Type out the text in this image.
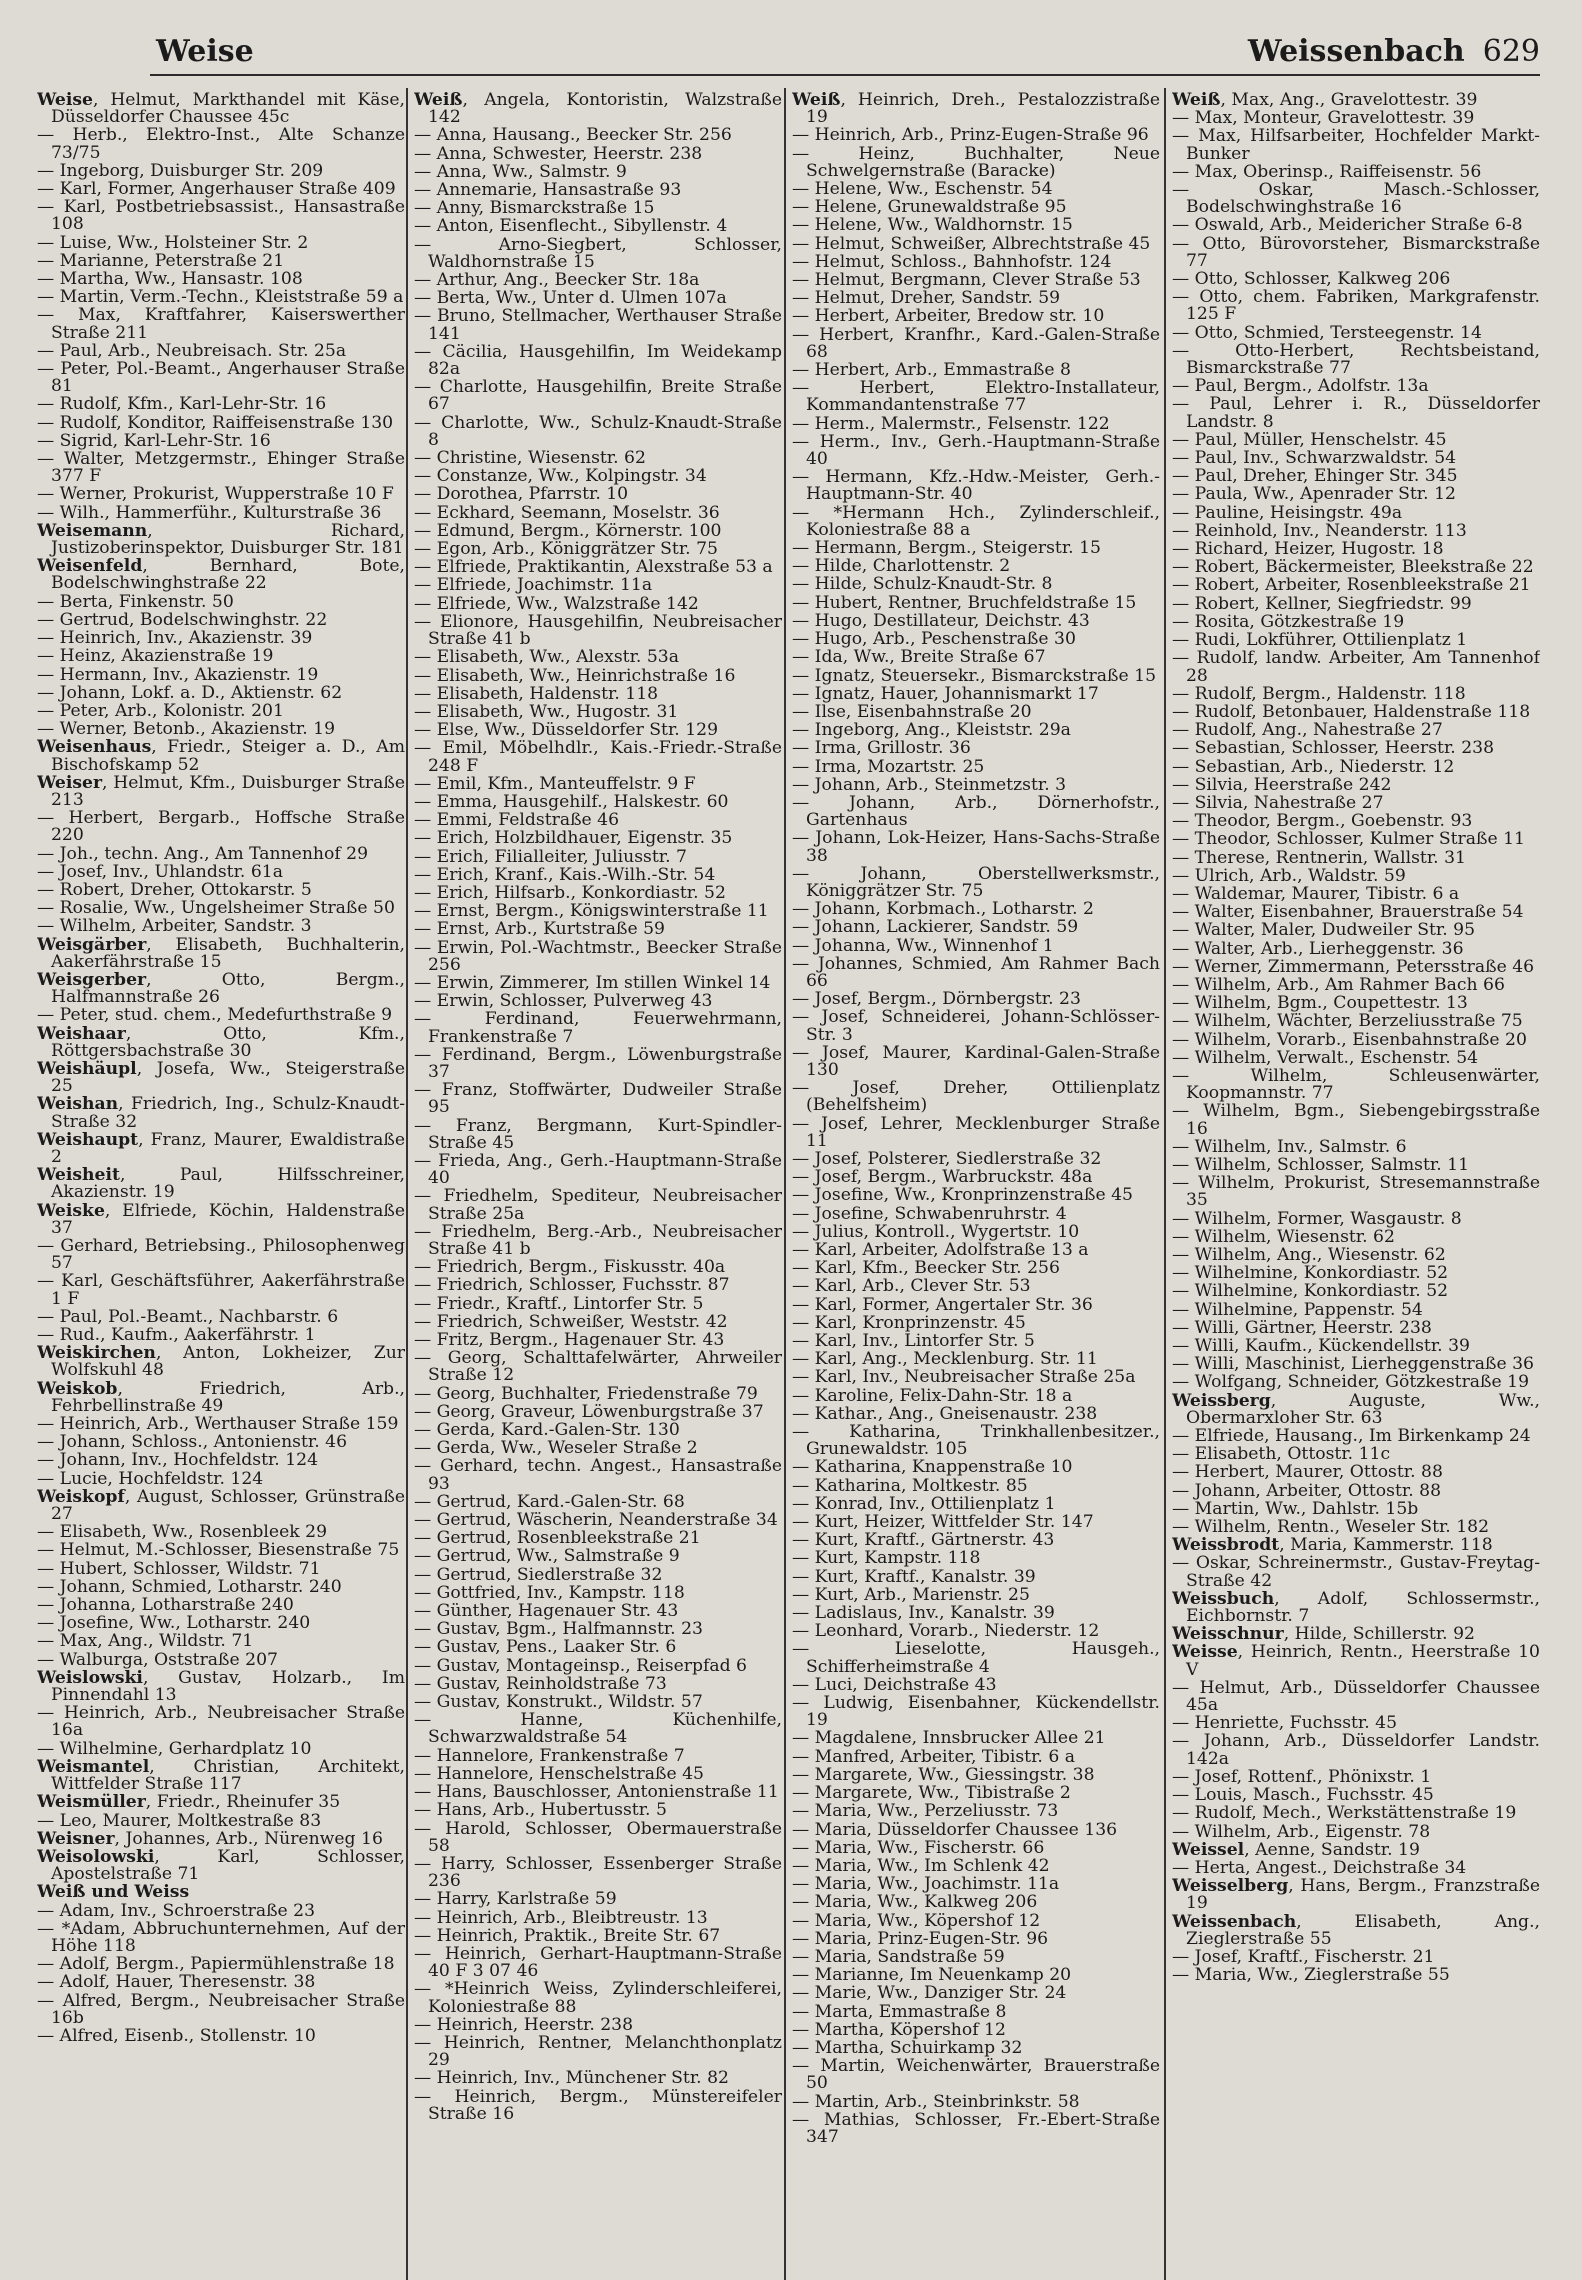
Weise	Weissenbach 629
Weise, Helmut, Markthandel mit Käse, Düsseldorfer Chaussee 45c
— Herb., Elektro-Inst., Alte Schanze 73/75
— Ingeborg, Duisburger Str. 209
— Karl, Former, Angerhauser Straße 409
— Karl, Postbetriebsassist., Hansastraße 108
— Luise, Ww., Holsteiner Str. 2
— Marianne, Peterstraße 21
— Martha, Ww., Hansastr. 108
— Martin, Verm.-Techn., Kleiststraße 59 a
— Max, Kraftfahrer, Kaiserswerther Straße 211
— Paul, Arb., Neubreisach. Str. 25a
— Peter, Pol.-Beamt., Angerhauser Straße 81
— Rudolf, Kfm., Karl-Lehr-Str. 16
— Rudolf, Konditor, Raiffeisenstraße 130
— Sigrid, Karl-Lehr-Str. 16
— Walter, Metzgermstr., Ehinger Straße 377 F
— Werner, Prokurist, Wupperstraße 10 F
— Wilh., Hammerführ., Kulturstraße 36
Weisemann, Richard, Justizoberinspektor, Duisburger Str. 181
Weisenfeld, Bernhard, Bote, Bodelschwinghstraße 22
— Berta, Finkenstr. 50
— Gertrud, Bodelschwinghstr. 22
— Heinrich, Inv., Akazienstr. 39
— Heinz, Akazienstraße 19
— Hermann, Inv., Akazienstr. 19
— Johann, Lokf. a. D., Aktienstr. 62
— Peter, Arb., Kolonistr. 201
— Werner, Betonb., Akazienstr. 19
Weisenhaus, Friedr., Steiger a. D., Am Bischofskamp 52
Weiser, Helmut, Kfm., Duisburger Straße 213
— Herbert, Bergarb., Hoffsche Straße 220
— Joh., techn. Ang., Am Tannenhof 29
— Josef, Inv., Uhlandstr. 61a
— Robert, Dreher, Ottokarstr. 5
— Rosalie, Ww., Ungelsheimer Straße 50
— Wilhelm, Arbeiter, Sandstr. 3
Weisgärber, Elisabeth, Buchhalterin, Aakerfährstraße 15
Weisgerber, Otto, Bergm., Halfmannstraße 26
— Peter, stud. chem., Medefurthstraße 9
Weishaar, Otto, Kfm., Röttgersbachstraße 30
Weishäupl, Josefa, Ww., Steigerstraße 25
Weishan, Friedrich, Ing., Schulz-Knaudt-Straße 32
Weishaupt, Franz, Maurer, Ewaldistraße 2
Weisheit, Paul, Hilfsschreiner, Akazienstr. 19
Weiske, Elfriede, Köchin, Haldenstraße 37
— Gerhard, Betriebsing., Philosophenweg 57
— Karl, Geschäftsführer, Aakerfährstraße 1 F
— Paul, Pol.-Beamt., Nachbarstr. 6
— Rud., Kaufm., Aakerfährstr. 1
Weiskirchen, Anton, Lokheizer, Zur Wolfskuhl 48
Weiskob, Friedrich, Arb., Fehrbellinstraße 49
— Heinrich, Arb., Werthauser Straße 159
— Johann, Schloss., Antonienstr. 46
— Johann, Inv., Hochfeldstr. 124
— Lucie, Hochfeldstr. 124
Weiskopf, August, Schlosser, Grünstraße 27
— Elisabeth, Ww., Rosenbleek 29
— Helmut, M.-Schlosser, Biesenstraße 75
— Hubert, Schlosser, Wildstr. 71
— Johann, Schmied, Lotharstr. 240
— Johanna, Lotharstraße 240
— Josefine, Ww., Lotharstr. 240
— Max, Ang., Wildstr. 71
— Walburga, Oststraße 207
Weislowski, Gustav, Holzarb., Im Pinnendahl 13
— Heinrich, Arb., Neubreisacher Straße 16a
— Wilhelmine, Gerhardplatz 10
Weismantel, Christian, Architekt, Wittfelder Straße 117
Weismüller, Friedr., Rheinufer 35
— Leo, Maurer, Moltkestraße 83
Weisner, Johannes, Arb., Nürenweg 16
Weisolowski, Karl, Schlosser, Apostelstraße 71
Weiß und Weiss
— Adam, Inv., Schroerstraße 23
— *Adam, Abbruchunternehmen, Auf der Höhe 118
— Adolf, Bergm., Papiermühlenstraße 18
— Adolf, Hauer, Theresenstr. 38
— Alfred, Bergm., Neubreisacher Straße 16b
— Alfred, Eisenb., Stollenstr. 10
Weiß, Angela, Kontoristin, Walzstraße 142
— Anna, Hausang., Beecker Str. 256
— Anna, Schwester, Heerstr. 238
— Anna, Ww., Salmstr. 9
— Annemarie, Hansastraße 93
— Anny, Bismarckstraße 15
— Anton, Eisenflecht., Sibyllenstr. 4
— Arno-Siegbert, Schlosser, Waldhornstraße 15
— Arthur, Ang., Beecker Str. 18a
— Berta, Ww., Unter d. Ulmen 107a
— Bruno, Stellmacher, Werthauser Straße 141
— Cäcilia, Hausgehilfin, Im Weidekamp 82a
— Charlotte, Hausgehilfin, Breite Straße 67
— Charlotte, Ww., Schulz-Knaudt-Straße 8
— Christine, Wiesenstr. 62
— Constanze, Ww., Kolpingstr. 34
— Dorothea, Pfarrstr. 10
— Eckhard, Seemann, Moselstr. 36
— Edmund, Bergm., Körnerstr. 100
— Egon, Arb., Königgrätzer Str. 75
— Elfriede, Praktikantin, Alexstraße 53 a
— Elfriede, Joachimstr. 11a
— Elfriede, Ww., Walzstraße 142
— Elionore, Hausgehilfin, Neubreisacher Straße 41 b
— Elisabeth, Ww., Alexstr. 53a
— Elisabeth, Ww., Heinrichstraße 16
— Elisabeth, Haldenstr. 118
— Elisabeth, Ww., Hugostr. 31
— Else, Ww., Düsseldorfer Str. 129
— Emil, Möbelhdlr., Kais.-Friedr.-Straße 248 F
— Emil, Kfm., Manteuffelstr. 9 F
— Emma, Hausgehilf., Halskestr. 60
— Emmi, Feldstraße 46
— Erich, Holzbildhauer, Eigenstr. 35
— Erich, Filialleiter, Juliusstr. 7
— Erich, Kranf., Kais.-Wilh.-Str. 54
— Erich, Hilfsarb., Konkordiastr. 52
— Ernst, Bergm., Königswinterstraße 11
— Ernst, Arb., Kurtstraße 59
— Erwin, Pol.-Wachtmstr., Beecker Straße 256
— Erwin, Zimmerer, Im stillen Winkel 14
— Erwin, Schlosser, Pulverweg 43
— Ferdinand, Feuerwehrmann, Frankenstraße 7
— Ferdinand, Bergm., Löwenburgstraße 37
— Franz, Stoffwärter, Dudweiler Straße 95
— Franz, Bergmann, Kurt-Spindler-Straße 45
— Frieda, Ang., Gerh.-Hauptmann-Straße 40
— Friedhelm, Spediteur, Neubreisacher Straße 25a
— Friedhelm, Berg.-Arb., Neubreisacher Straße 41 b
— Friedrich, Bergm., Fiskusstr. 40a
— Friedrich, Schlosser, Fuchsstr. 87
— Friedr., Kraftf., Lintorfer Str. 5
— Friedrich, Schweißer, Weststr. 42
— Fritz, Bergm., Hagenauer Str. 43
— Georg, Schalttafelwärter, Ahrweiler Straße 12
— Georg, Buchhalter, Friedenstraße 79
— Georg, Graveur, Löwenburgstraße 37
— Gerda, Kard.-Galen-Str. 130
— Gerda, Ww., Weseler Straße 2
— Gerhard, techn. Angest., Hansastraße 93
— Gertrud, Kard.-Galen-Str. 68
— Gertrud, Wäscherin, Neanderstraße 34
— Gertrud, Rosenbleekstraße 21
— Gertrud, Ww., Salmstraße 9
— Gertrud, Siedlerstraße 32
— Gottfried, Inv., Kampstr. 118
— Günther, Hagenauer Str. 43
— Gustav, Bgm., Halfmannstr. 23
— Gustav, Pens., Laaker Str. 6
— Gustav, Montageinsp., Reiserpfad 6
— Gustav, Reinholdstraße 73
— Gustav, Konstrukt., Wildstr. 57
— Hanne, Küchenhilfe, Schwarzwaldstraße 54
— Hannelore, Frankenstraße 7
— Hannelore, Henschelstraße 45
— Hans, Bauschlosser, Antonienstraße 11
— Hans, Arb., Hubertusstr. 5
— Harold, Schlosser, Obermauerstraße 58
— Harry, Schlosser, Essenberger Straße 236
— Harry, Karlstraße 59
— Heinrich, Arb., Bleibtreustr. 13
— Heinrich, Praktik., Breite Str. 67
— Heinrich, Gerhart-Hauptmann-Straße 40 F 3 07 46
— *Heinrich Weiss, Zylinderschleiferei, Koloniestraße 88
— Heinrich, Heerstr. 238
— Heinrich, Rentner, Melanchthonplatz 29
— Heinrich, Inv., Münchener Str. 82
— Heinrich, Bergm., Münstereifeler Straße 16
Weiß, Heinrich, Dreh., Pestalozzistraße 19
— Heinrich, Arb., Prinz-Eugen-Straße 96
— Heinz, Buchhalter, Neue Schwelgernstraße (Baracke)
— Helene, Ww., Eschenstr. 54
— Helene, Grunewaldstraße 95
— Helene, Ww., Waldhornstr. 15
— Helmut, Schweißer, Albrechtstraße 45
— Helmut, Schloss., Bahnhofstr. 124
— Helmut, Bergmann, Clever Straße 53
— Helmut, Dreher, Sandstr. 59
— Herbert, Arbeiter, Bredow str. 10
— Herbert, Kranfhr., Kard.-Galen-Straße 68
— Herbert, Arb., Emmastraße 8
— Herbert, Elektro-Installateur, Kommandantenstraße 77
— Herm., Malermstr., Felsenstr. 122
— Herm., Inv., Gerh.-Hauptmann-Straße 40
— Hermann, Kfz.-Hdw.-Meister, Gerh.-Hauptmann-Str. 40
— *Hermann Hch., Zylinderschleif., Koloniestraße 88 a
— Hermann, Bergm., Steigerstr. 15
— Hilde, Charlottenstr. 2
— Hilde, Schulz-Knaudt-Str. 8
— Hubert, Rentner, Bruchfeldstraße 15
— Hugo, Destillateur, Deichstr. 43
— Hugo, Arb., Peschenstraße 30
— Ida, Ww., Breite Straße 67
— Ignatz, Steuersekr., Bismarckstraße 15
— Ignatz, Hauer, Johannismarkt 17
— Ilse, Eisenbahnstraße 20
— Ingeborg, Ang., Kleiststr. 29a
— Irma, Grillostr. 36
— Irma, Mozartstr. 25
— Johann, Arb., Steinmetzstr. 3
— Johann, Arb., Dörnerhofstr., Gartenhaus
— Johann, Lok-Heizer, Hans-Sachs-Straße 38
— Johann, Oberstellwerksmstr., Königgrätzer Str. 75
— Johann, Korbmach., Lotharstr. 2
— Johann, Lackierer, Sandstr. 59
— Johanna, Ww., Winnenhof 1
— Johannes, Schmied, Am Rahmer Bach 66
— Josef, Bergm., Dörnbergstr. 23
— Josef, Schneiderei, Johann-Schlösser-Str. 3
— Josef, Maurer, Kardinal-Galen-Straße 130
— Josef, Dreher, Ottilienplatz (Behelfsheim)
— Josef, Lehrer, Mecklenburger Straße 11
— Josef, Polsterer, Siedlerstraße 32
— Josef, Bergm., Warbruckstr. 48a
— Josefine, Ww., Kronprinzenstraße 45
— Josefine, Schwabenruhrstr. 4
— Julius, Kontroll., Wygertstr. 10
— Karl, Arbeiter, Adolfstraße 13 a
— Karl, Kfm., Beecker Str. 256
— Karl, Arb., Clever Str. 53
— Karl, Former, Angertaler Str. 36
— Karl, Kronprinzenstr. 45
— Karl, Inv., Lintorfer Str. 5
— Karl, Ang., Mecklenburg. Str. 11
— Karl, Inv., Neubreisacher Straße 25a
— Karoline, Felix-Dahn-Str. 18 a
— Kathar., Ang., Gneisenaustr. 238
— Katharina, Trinkhallenbesitzer., Grunewaldstr. 105
— Katharina, Knappenstraße 10
— Katharina, Moltkestr. 85
— Konrad, Inv., Ottilienplatz 1
— Kurt, Heizer, Wittfelder Str. 147
— Kurt, Kraftf., Gärtnerstr. 43
— Kurt, Kampstr. 118
— Kurt, Kraftf., Kanalstr. 39
— Kurt, Arb., Marienstr. 25
— Ladislaus, Inv., Kanalstr. 39
— Leonhard, Vorarb., Niederstr. 12
— Lieselotte, Hausgeh., Schifferheimstraße 4
— Luci, Deichstraße 43
— Ludwig, Eisenbahner, Kückendellstr. 19
— Magdalene, Innsbrucker Allee 21
— Manfred, Arbeiter, Tibistr. 6 a
— Margarete, Ww., Giessingstr. 38
— Margarete, Ww., Tibistraße 2
— Maria, Ww., Perzeliusstr. 73
— Maria, Düsseldorfer Chaussee 136
— Maria, Ww., Fischerstr. 66
— Maria, Ww., Im Schlenk 42
— Maria, Ww., Joachimstr. 11a
— Maria, Ww., Kalkweg 206
— Maria, Ww., Köpershof 12
— Maria, Prinz-Eugen-Str. 96
— Maria, Sandstraße 59
— Marianne, Im Neuenkamp 20
— Marie, Ww., Danziger Str. 24
— Marta, Emmastraße 8
— Martha, Köpershof 12
— Martha, Schuirkamp 32
— Martin, Weichenwärter, Brauerstraße 50
— Martin, Arb., Steinbrinkstr. 58
— Mathias, Schlosser, Fr.-Ebert-Straße 347
Weiß, Max, Ang., Gravelottestr. 39
— Max, Monteur, Gravelottestr. 39
— Max, Hilfsarbeiter, Hochfelder Markt-Bunker
— Max, Oberinsp., Raiffeisenstr. 56
— Oskar, Masch.-Schlosser, Bodelschwinghstraße 16
— Oswald, Arb., Meidericher Straße 6-8
— Otto, Bürovorsteher, Bismarckstraße 77
— Otto, Schlosser, Kalkweg 206
— Otto, chem. Fabriken, Markgrafenstr. 125 F
— Otto, Schmied, Tersteegenstr. 14
— Otto-Herbert, Rechtsbeistand, Bismarckstraße 77
— Paul, Bergm., Adolfstr. 13a
— Paul, Lehrer i. R., Düsseldorfer Landstr. 8
— Paul, Müller, Henschelstr. 45
— Paul, Inv., Schwarzwaldstr. 54
— Paul, Dreher, Ehinger Str. 345
— Paula, Ww., Apenrader Str. 12
— Pauline, Heisingstr. 49a
— Reinhold, Inv., Neanderstr. 113
— Richard, Heizer, Hugostr. 18
— Robert, Bäckermeister, Bleekstraße 22
— Robert, Arbeiter, Rosenbleekstraße 21
— Robert, Kellner, Siegfriedstr. 99
— Rosita, Götzkestraße 19
— Rudi, Lokführer, Ottilienplatz 1
— Rudolf, landw. Arbeiter, Am Tannenhof 28
— Rudolf, Bergm., Haldenstr. 118
— Rudolf, Betonbauer, Haldenstraße 118
— Rudolf, Ang., Nahestraße 27
— Sebastian, Schlosser, Heerstr. 238
— Sebastian, Arb., Niederstr. 12
— Silvia, Heerstraße 242
— Silvia, Nahestraße 27
— Theodor, Bergm., Goebenstr. 93
— Theodor, Schlosser, Kulmer Straße 11
— Therese, Rentnerin, Wallstr. 31
— Ulrich, Arb., Waldstr. 59
— Waldemar, Maurer, Tibistr. 6 a
— Walter, Eisenbahner, Brauerstraße 54
— Walter, Maler, Dudweiler Str. 95
— Walter, Arb., Lierheggenstr. 36
— Werner, Zimmermann, Petersstraße 46
— Wilhelm, Arb., Am Rahmer Bach 66
— Wilhelm, Bgm., Coupettestr. 13
— Wilhelm, Wächter, Berzeliusstraße 75
— Wilhelm, Vorarb., Eisenbahnstraße 20
— Wilhelm, Verwalt., Eschenstr. 54
— Wilhelm, Schleusenwärter, Koopmannstr. 77
— Wilhelm, Bgm., Siebengebirgsstraße 16
— Wilhelm, Inv., Salmstr. 6
— Wilhelm, Schlosser, Salmstr. 11
— Wilhelm, Prokurist, Stresemannstraße 35
— Wilhelm, Former, Wasgaustr. 8
— Wilhelm, Wiesenstr. 62
— Wilhelm, Ang., Wiesenstr. 62
— Wilhelmine, Konkordiastr. 52
— Wilhelmine, Konkordiastr. 52
— Wilhelmine, Pappenstr. 54
— Willi, Gärtner, Heerstr. 238
— Willi, Kaufm., Kückendellstr. 39
— Willi, Maschinist, Lierheggenstraße 36
— Wolfgang, Schneider, Götzkestraße 19
Weissberg, Auguste, Ww., Obermarxloher Str. 63
— Elfriede, Hausang., Im Birkenkamp 24
— Elisabeth, Ottostr. 11c
— Herbert, Maurer, Ottostr. 88
— Johann, Arbeiter, Ottostr. 88
— Martin, Ww., Dahlstr. 15b
— Wilhelm, Rentn., Weseler Str. 182
Weissbrodt, Maria, Kammerstr. 118
— Oskar, Schreinermstr., Gustav-Freytag-Straße 42
Weissbuch, Adolf, Schlossermstr., Eichbornstr. 7
Weisschnur, Hilde, Schillerstr. 92
Weisse, Heinrich, Rentn., Heerstraße 10 V
— Helmut, Arb., Düsseldorfer Chaussee 45a
— Henriette, Fuchsstr. 45
— Johann, Arb., Düsseldorfer Landstr. 142a
— Josef, Rottenf., Phönixstr. 1
— Louis, Masch., Fuchsstr. 45
— Rudolf, Mech., Werkstättenstraße 19
— Wilhelm, Arb., Eigenstr. 78
Weissel, Aenne, Sandstr. 19
— Herta, Angest., Deichstraße 34
Weisselberg, Hans, Bergm., Franzstraße 19
Weissenbach, Elisabeth, Ang., Zieglerstraße 55
— Josef, Kraftf., Fischerstr. 21
— Maria, Ww., Zieglerstraße 55
